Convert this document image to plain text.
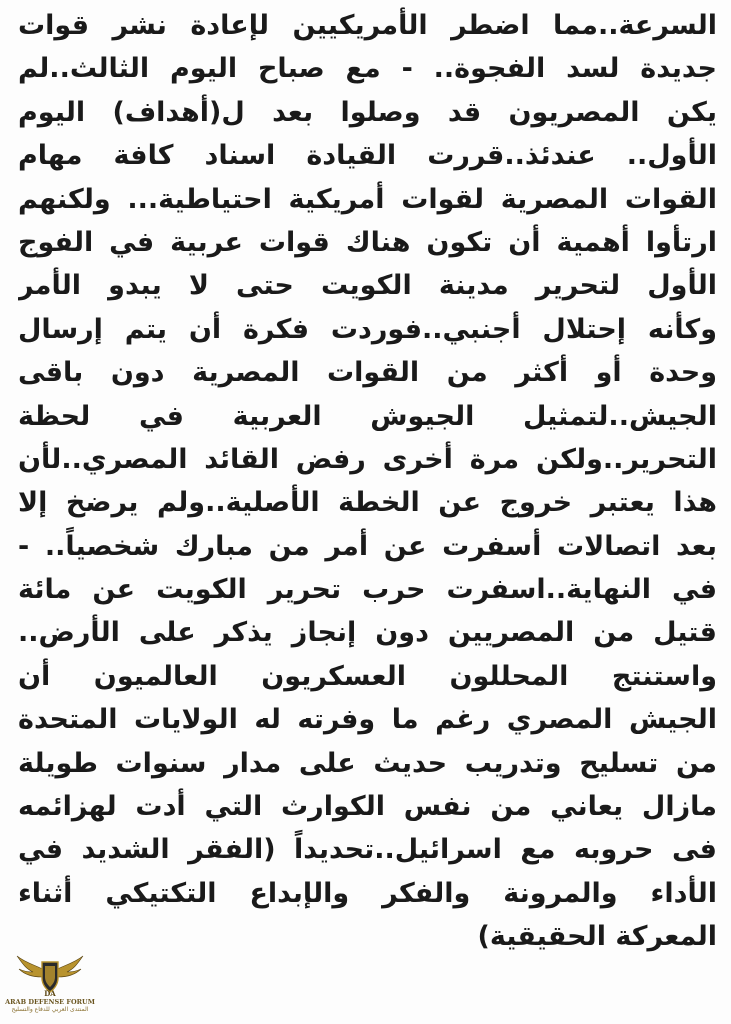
السرعة..مما اضطر الأمريكيين لإعادة نشر قوات
جديدة لسد الفجوة.. - مع صباح اليوم الثالث..لم
يكن المصريون قد وصلوا بعد ل(أهداف) اليوم
الأول.. عندئذ..قررت القيادة اسناد كافة مهام
القوات المصرية لقوات أمريكية احتياطية... ولكنهم
ارتأوا أهمية أن تكون هناك قوات عربية في الفوج
الأول لتحرير مدينة الكويت حتى لا يبدو الأمر
وكأنه إحتلال أجنبي..فوردت فكرة أن يتم إرسال
وحدة أو أكثر من القوات المصرية دون باقى
الجيش..لتمثيل الجيوش العربية في لحظة
التحرير..ولكن مرة أخرى رفض القائد المصري..لأن
هذا يعتبر خروج عن الخطة الأصلية..ولم يرضخ إلا
بعد اتصالات أسفرت عن أمر من مبارك شخصياً.. -
في النهاية..اسفرت حرب تحرير الكويت عن مائة
قتيل من المصريين دون إنجاز يذكر على الأرض..
واستنتج المحللون العسكريون العالميون أن
الجيش المصري رغم ما وفرته له الولايات المتحدة
من تسليح وتدريب حديث على مدار سنوات طويلة
مازال يعاني من نفس الكوارث التي أدت لهزائمه
فى حروبه مع اسرائيل..تحديداً (الفقر الشديد في
الأداء والمرونة والفكر والإبداع التكتيكي أثناء
المعركة الحقيقية)
DA
ARAB DEFENSE FORUM
المنتدى العربي للدفاع والتسليح
